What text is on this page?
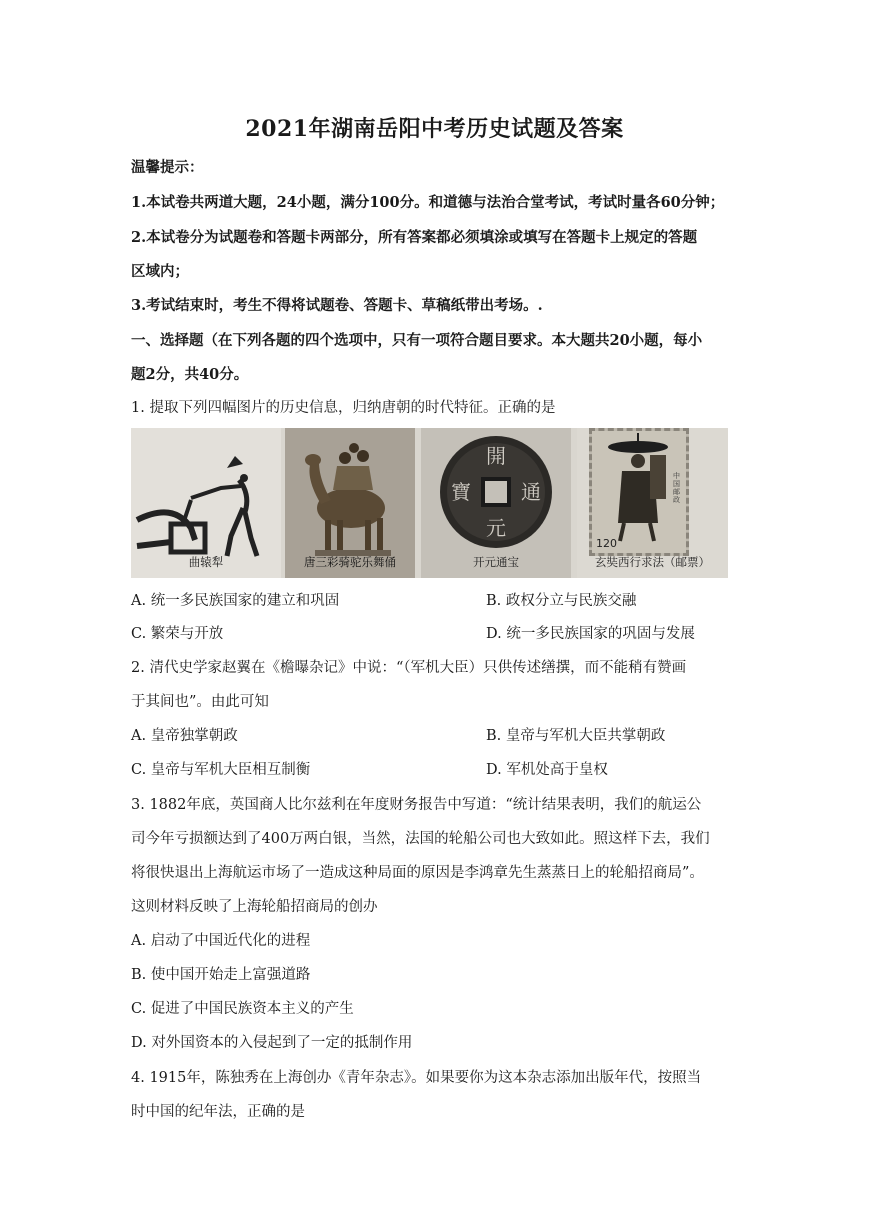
2021年湖南岳阳中考历史试题及答案
温馨提示：
1.本试卷共两道大题，24小题，满分100分。和道德与法治合堂考试，考试时量各60分钟；
2.本试卷分为试题卷和答题卡两部分，所有答案都必须填涂或填写在答题卡上规定的答题
区域内；
3.考试结束时，考生不得将试题卷、答题卡、草稿纸带出考场。.
一、选择题（在下列各题的四个选项中，只有一项符合题目要求。本大题共20小题，每小
题2分，共40分。
1. 提取下列四幅图片的历史信息，归纳唐朝的时代特征。正确的是
曲辕犁	唐三彩骑驼乐舞俑
開
元
通
寶
开元通宝
120
中国邮政
玄奘西行求法（邮票）
A. 统一多民族国家的建立和巩固	B. 政权分立与民族交融
C. 繁荣与开放	D. 统一多民族国家的巩固与发展
2. 清代史学家赵翼在《檐曝杂记》中说：“（军机大臣）只供传述缮撰，而不能稍有赞画
于其间也”。由此可知
A. 皇帝独掌朝政	B. 皇帝与军机大臣共掌朝政
C. 皇帝与军机大臣相互制衡	D. 军机处高于皇权
3. 1882年底，英国商人比尔兹利在年度财务报告中写道：“统计结果表明，我们的航运公
司今年亏损额达到了400万两白银，当然，法国的轮船公司也大致如此。照这样下去，我们
将很快退出上海航运市场了一造成这种局面的原因是李鸿章先生蒸蒸日上的轮船招商局”。
这则材料反映了上海轮船招商局的创办
A. 启动了中国近代化的进程
B. 使中国开始走上富强道路
C. 促进了中国民族资本主义的产生
D. 对外国资本的入侵起到了一定的抵制作用
4. 1915年，陈独秀在上海创办《青年杂志》。如果要你为这本杂志添加出版年代，按照当
时中国的纪年法，正确的是
